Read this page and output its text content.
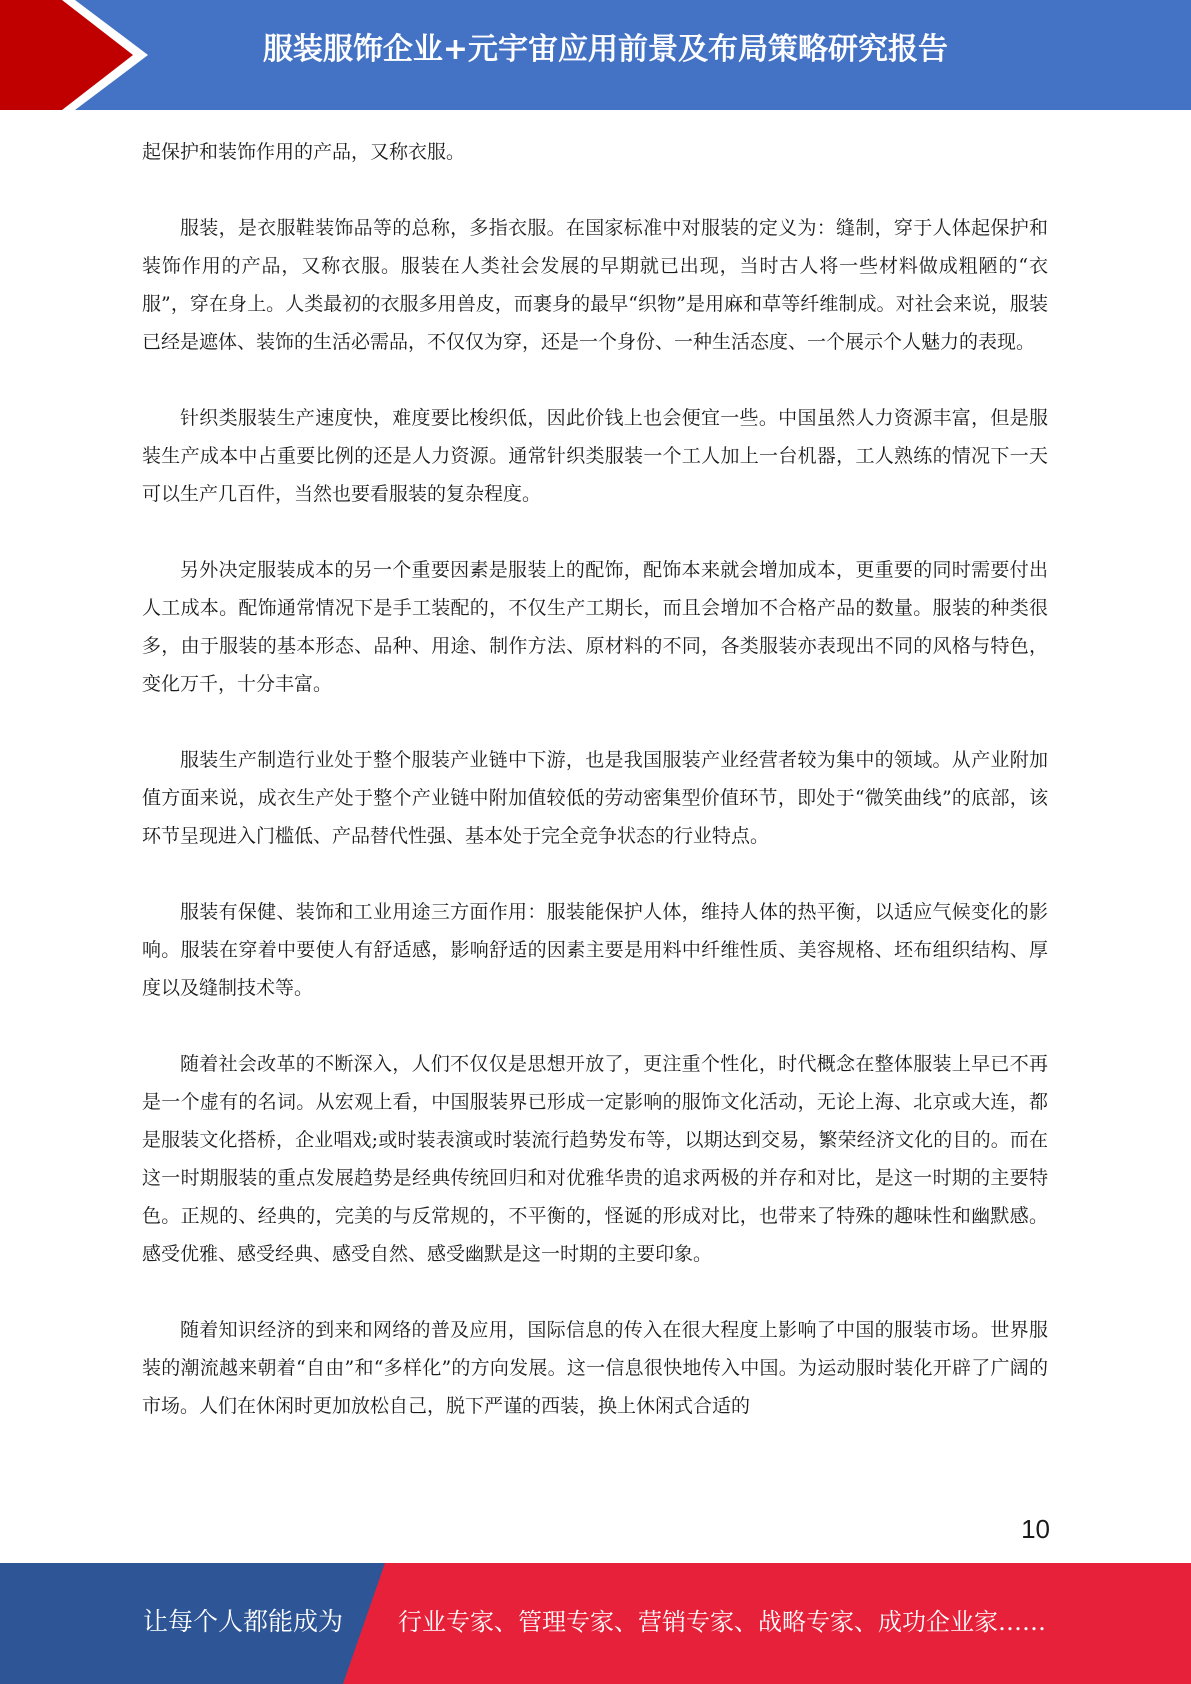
服装服饰企业+元宇宙应用前景及布局策略研究报告

起保护和装饰作用的产品，又称衣服。

服装，是衣服鞋装饰品等的总称，多指衣服。在国家标准中对服装的定义为：缝制，穿于人体起保护和装饰作用的产品，又称衣服。服装在人类社会发展的早期就已出现，当时古人将一些材料做成粗陋的“衣服”，穿在身上。人类最初的衣服多用兽皮，而裹身的最早“织物”是用麻和草等纤维制成。对社会来说，服装已经是遮体、装饰的生活必需品，不仅仅为穿，还是一个身份、一种生活态度、一个展示个人魅力的表现。

针织类服装生产速度快，难度要比梭织低，因此价钱上也会便宜一些。中国虽然人力资源丰富，但是服装生产成本中占重要比例的还是人力资源。通常针织类服装一个工人加上一台机器，工人熟练的情况下一天可以生产几百件，当然也要看服装的复杂程度。

另外决定服装成本的另一个重要因素是服装上的配饰，配饰本来就会增加成本，更重要的同时需要付出人工成本。配饰通常情况下是手工装配的，不仅生产工期长，而且会增加不合格产品的数量。服装的种类很多，由于服装的基本形态、品种、用途、制作方法、原材料的不同，各类服装亦表现出不同的风格与特色，变化万千，十分丰富。

服装生产制造行业处于整个服装产业链中下游，也是我国服装产业经营者较为集中的领域。从产业附加值方面来说，成衣生产处于整个产业链中附加值较低的劳动密集型价值环节，即处于“微笑曲线”的底部，该环节呈现进入门槛低、产品替代性强、基本处于完全竞争状态的行业特点。

服装有保健、装饰和工业用途三方面作用：服装能保护人体，维持人体的热平衡，以适应气候变化的影响。服装在穿着中要使人有舒适感，影响舒适的因素主要是用料中纤维性质、美容规格、坯布组织结构、厚度以及缝制技术等。

随着社会改革的不断深入，人们不仅仅是思想开放了，更注重个性化，时代概念在整体服装上早已不再是一个虚有的名词。从宏观上看，中国服装界已形成一定影响的服饰文化活动，无论上海、北京或大连，都是服装文化搭桥，企业唱戏;或时装表演或时装流行趋势发布等，以期达到交易，繁荣经济文化的目的。而在这一时期服装的重点发展趋势是经典传统回归和对优雅华贵的追求两极的并存和对比，是这一时期的主要特色。正规的、经典的，完美的与反常规的，不平衡的，怪诞的形成对比，也带来了特殊的趣味性和幽默感。感受优雅、感受经典、感受自然、感受幽默是这一时期的主要印象。

随着知识经济的到来和网络的普及应用，国际信息的传入在很大程度上影响了中国的服装市场。世界服装的潮流越来朝着“自由”和“多样化”的方向发展。这一信息很快地传入中国。为运动服时装化开辟了广阔的市场。人们在休闲时更加放松自己，脱下严谨的西装，换上休闲式合适的

10
让每个人都能成为 行业专家、管理专家、营销专家、战略专家、成功企业家……
